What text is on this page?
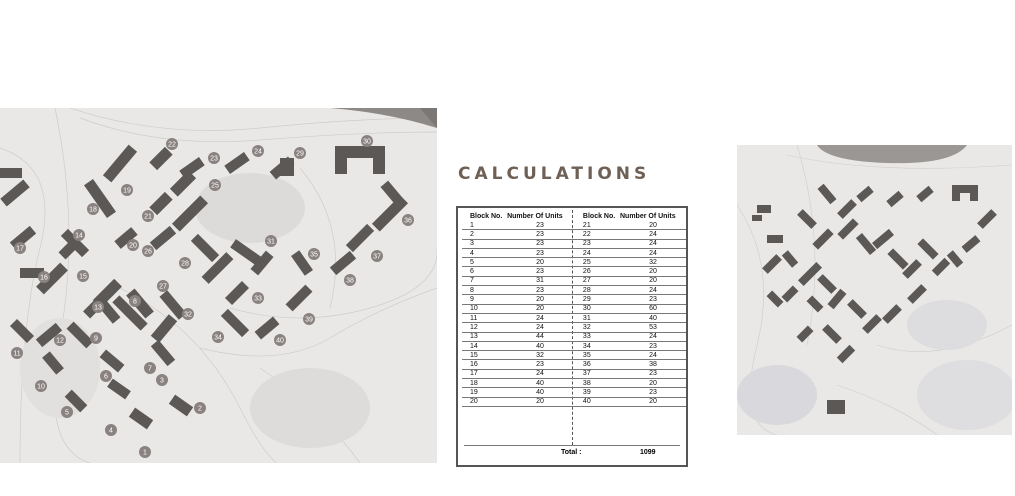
1
2
3
4
5
6
7
8
9
10
11
12
13
14
15
16
17
18
19
20
21
22
23
24
25
26
27
28
29
30
31
32
33
34
35
36
37
38
39
40
CALCULATIONS
Block No.	Number Of Units		Block No.	Number Of Units
1	23		21	20
2	23		22	24
3	23		23	24
4	23		24	24
5	20		25	32
6	23		26	20
7	31		27	20
8	23		28	24
9	20		29	23
10	20		30	60
11	24		31	40
12	24		32	53
13	44		33	24
14	40		34	23
15	32		35	24
16	23		36	38
17	24		37	23
18	40		38	20
19	40		39	23
20	20		40	20
Total :	1099
